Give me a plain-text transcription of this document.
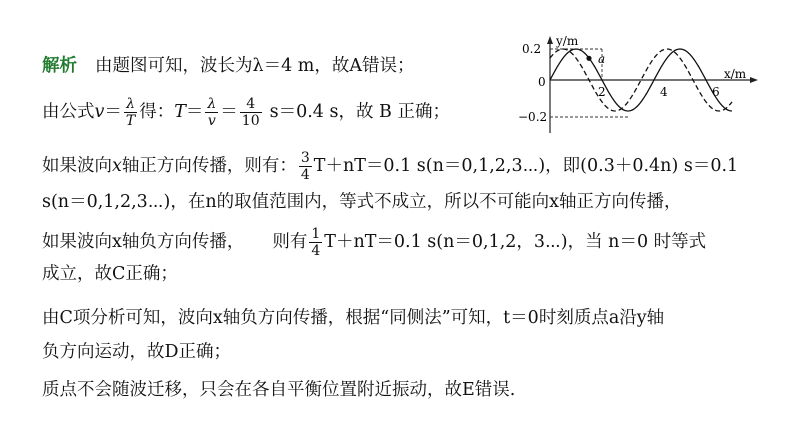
解析 由题图可知，波长为λ＝4 m，故A错误；
由公式$v= \frac{\lambda}{T}$ 得：$T= \frac{\lambda}{v} = \frac{4}{10} s=0.4$ s，故 B 正确；
如果波向x轴正方向传播，则有： $\frac{3}{4} T+nT=0.1$ s(n＝0,1,2,3⋯)，即(0.3＋0.4n) s＝0.1
s(n＝0,1,2,3⋯)，在n的取值范围内，等式不成立，所以不可能向x轴正方向传播，
如果波向x轴负方向传播， 则有 $\frac{1}{4} T+nT=0.1$ s(n＝0,1,2，3⋯)，当 n＝0 时等式
成立，故C正确；
由C项分析可知，波向x轴负方向传播，根据“同侧法”可知，t＝0时刻质点a沿y轴
负方向运动，故D正确；
质点不会随波迁移，只会在各自平衡位置附近振动，故E错误.
a
y/m
x/m
0
0.2
−0.2
2	4	6
